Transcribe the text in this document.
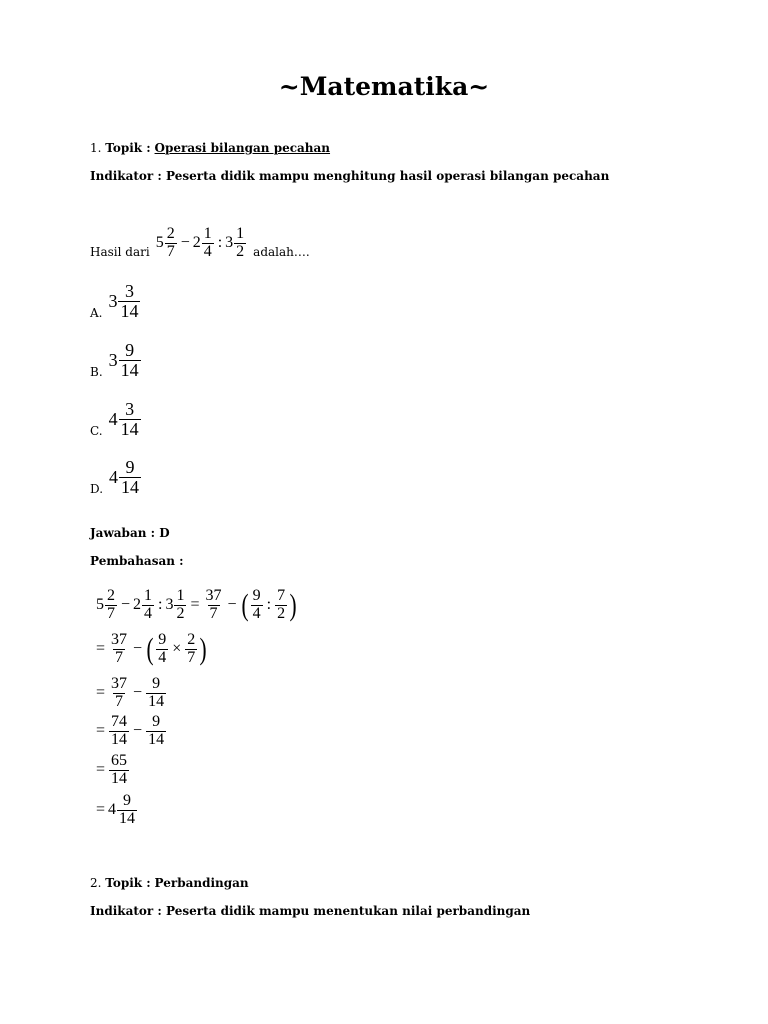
~Matematika~
1. Topik : Operasi bilangan pecahan
Indikator : Peserta didik mampu menghitung hasil operasi bilangan pecahan
Hasil dari
$5 \frac{2}{7} - 2 \frac{1}{4}$ : $3 \frac{1}{2}$ adalah….
A.
$3 \frac{3}{14}$
B.
$3 \frac{9}{14}$
C.
$4 \frac{3}{14}$
D.
$4 \frac{9}{14}$
Jawaban : D
Pembahasan :
$5 \frac{2}{7} - 2 \frac{1}{4}$ : $3 \frac{1}{2} = \frac{37}{7}$ − ( $\frac{9}{4}$ : $\frac{7}{2}$ )
= $\frac{37}{7}$ − ( $\frac{9}{4} \times \frac{2}{7}$ )
= $\frac{37}{7} - \frac{9}{14}$
= $\frac{74}{14} - \frac{9}{14}$
= $\frac{65}{14}$
= $4 \frac{9}{14}$
2. Topik : Perbandingan
Indikator : Peserta didik mampu menentukan nilai perbandingan
